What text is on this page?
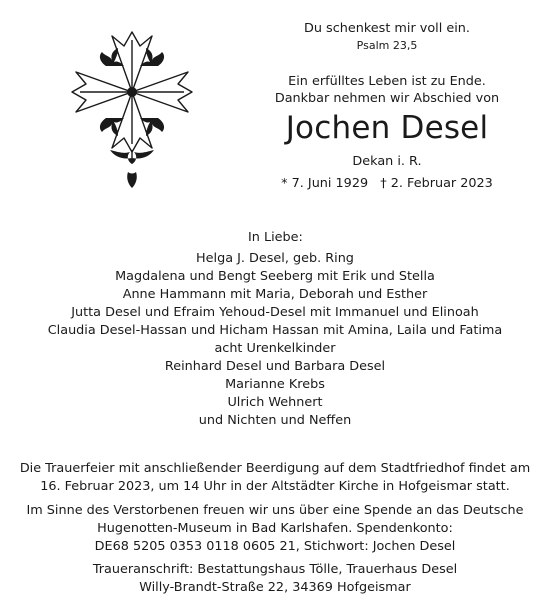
Du schenkest mir voll ein.
Psalm 23,5
Ein erfülltes Leben ist zu Ende.
Dankbar nehmen wir Abschied von
Jochen Desel
Dekan i. R.
* 7. Juni 1929   † 2. Februar 2023
In Liebe:
Helga J. Desel, geb. Ring
Magdalena und Bengt Seeberg mit Erik und Stella
Anne Hammann mit Maria, Deborah und Esther
Jutta Desel und Efraim Yehoud-Desel mit Immanuel und Elinoah
Claudia Desel-Hassan und Hicham Hassan mit Amina, Laila und Fatima
acht Urenkelkinder
Reinhard Desel und Barbara Desel
Marianne Krebs
Ulrich Wehnert
und Nichten und Neffen
Die Trauerfeier mit anschließender Beerdigung auf dem Stadtfriedhof findet am
16. Februar 2023, um 14 Uhr in der Altstädter Kirche in Hofgeismar statt.
Im Sinne des Verstorbenen freuen wir uns über eine Spende an das Deutsche
Hugenotten-Museum in Bad Karlshafen. Spendenkonto:
DE68 5205 0353 0118 0605 21, Stichwort: Jochen Desel
Traueranschrift: Bestattungshaus Tölle, Trauerhaus Desel
Willy-Brandt-Straße 22, 34369 Hofgeismar
